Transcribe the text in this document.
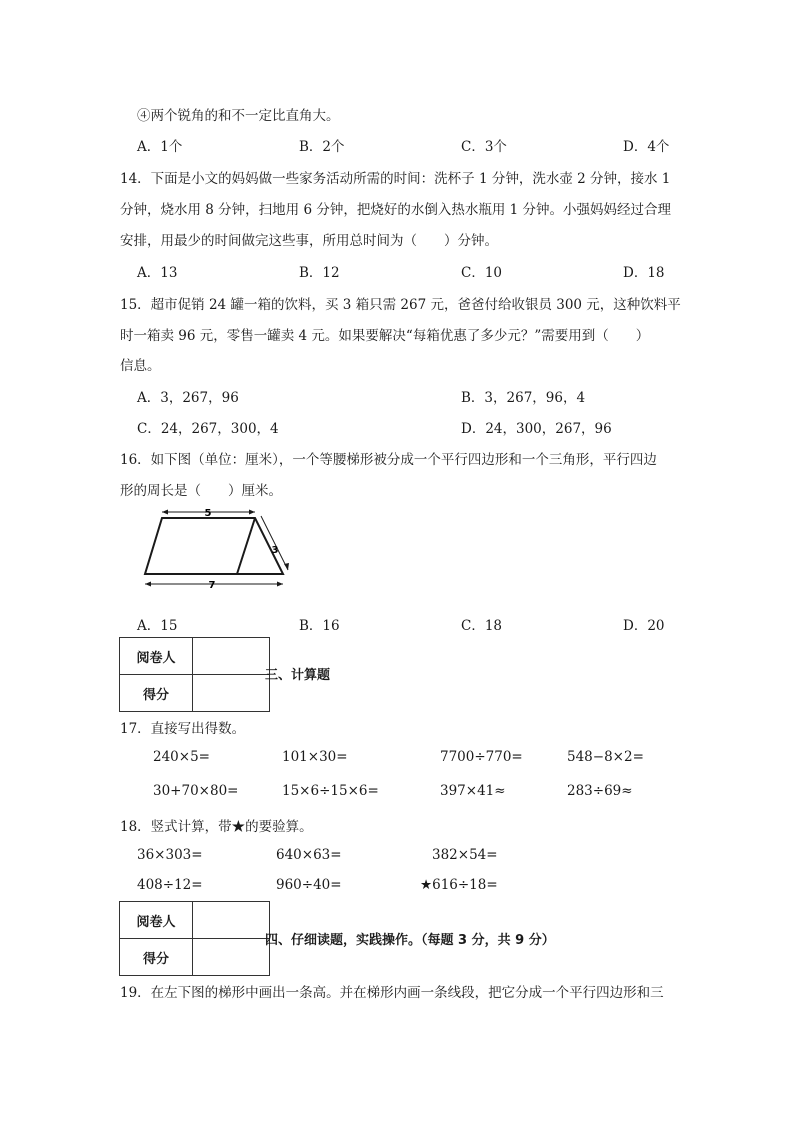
④两个锐角的和不一定比直角大。
A．1个	B．2个	C．3个	D．4个
14．下面是小文的妈妈做一些家务活动所需的时间：洗杯子 1 分钟，洗水壶 2 分钟，接水 1
分钟，烧水用 8 分钟，扫地用 6 分钟，把烧好的水倒入热水瓶用 1 分钟。小强妈妈经过合理
安排，用最少的时间做完这些事，所用总时间为（　　）分钟。
A．13	B．12	C．10	D．18
15．超市促销 24 罐一箱的饮料，买 3 箱只需 267 元，爸爸付给收银员 300 元，这种饮料平
时一箱卖 96 元，零售一罐卖 4 元。如果要解决“每箱优惠了多少元？”需要用到（　　）
信息。
A．3，267，96	B．3，267，96，4
C．24，267，300，4	D．24，300，267，96
16．如下图（单位：厘米），一个等腰梯形被分成一个平行四边形和一个三角形，平行四边
形的周长是（　　）厘米。
5
3
7
A．15	B．16	C．18	D．20
阅卷人	
得分	
三、计算题
17．直接写出得数。
240×5=	101×30=	7700÷770=	548−8×2=
30+70×80=	15×6÷15×6=	397×41≈	283÷69≈
18．竖式计算，带★的要验算。
36×303=	640×63=	382×54=
408÷12=	960÷40=	★616÷18=
阅卷人	
得分	
四、仔细读题，实践操作。（每题 3 分，共 9 分）
19．在左下图的梯形中画出一条高。并在梯形内画一条线段，把它分成一个平行四边形和三
